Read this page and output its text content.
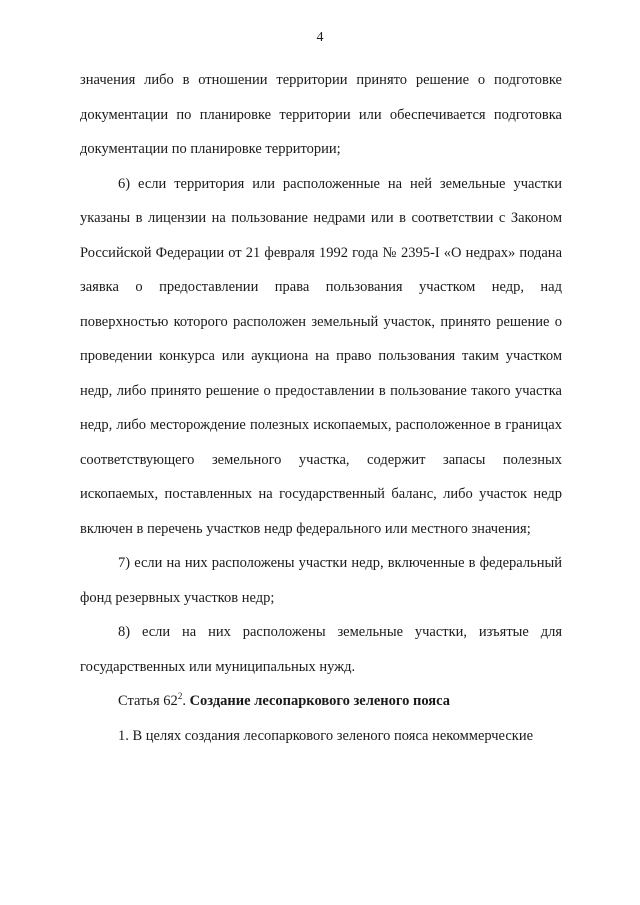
4

значения либо в отношении территории принято решение о подготовке документации по планировке территории или обеспечивается подготовка документации по планировке территории;

6) если территория или расположенные на ней земельные участки указаны в лицензии на пользование недрами или в соответствии с Законом Российской Федерации от 21 февраля 1992 года № 2395-I «О недрах» подана заявка о предоставлении права пользования участком недр, над поверхностью которого расположен земельный участок, принято решение о проведении конкурса или аукциона на право пользования таким участком недр, либо принято решение о предоставлении в пользование такого участка недр, либо месторождение полезных ископаемых, расположенное в границах соответствующего земельного участка, содержит запасы полезных ископаемых, поставленных на государственный баланс, либо участок недр включен в перечень участков недр федерального или местного значения;

7) если на них расположены участки недр, включенные в федеральный фонд резервных участков недр;

8) если на них расположены земельные участки, изъятые для государственных или муниципальных нужд.

Статья $62^2$. Создание лесопаркового зеленого пояса

1. В целях создания лесопаркового зеленого пояса некоммерческие
